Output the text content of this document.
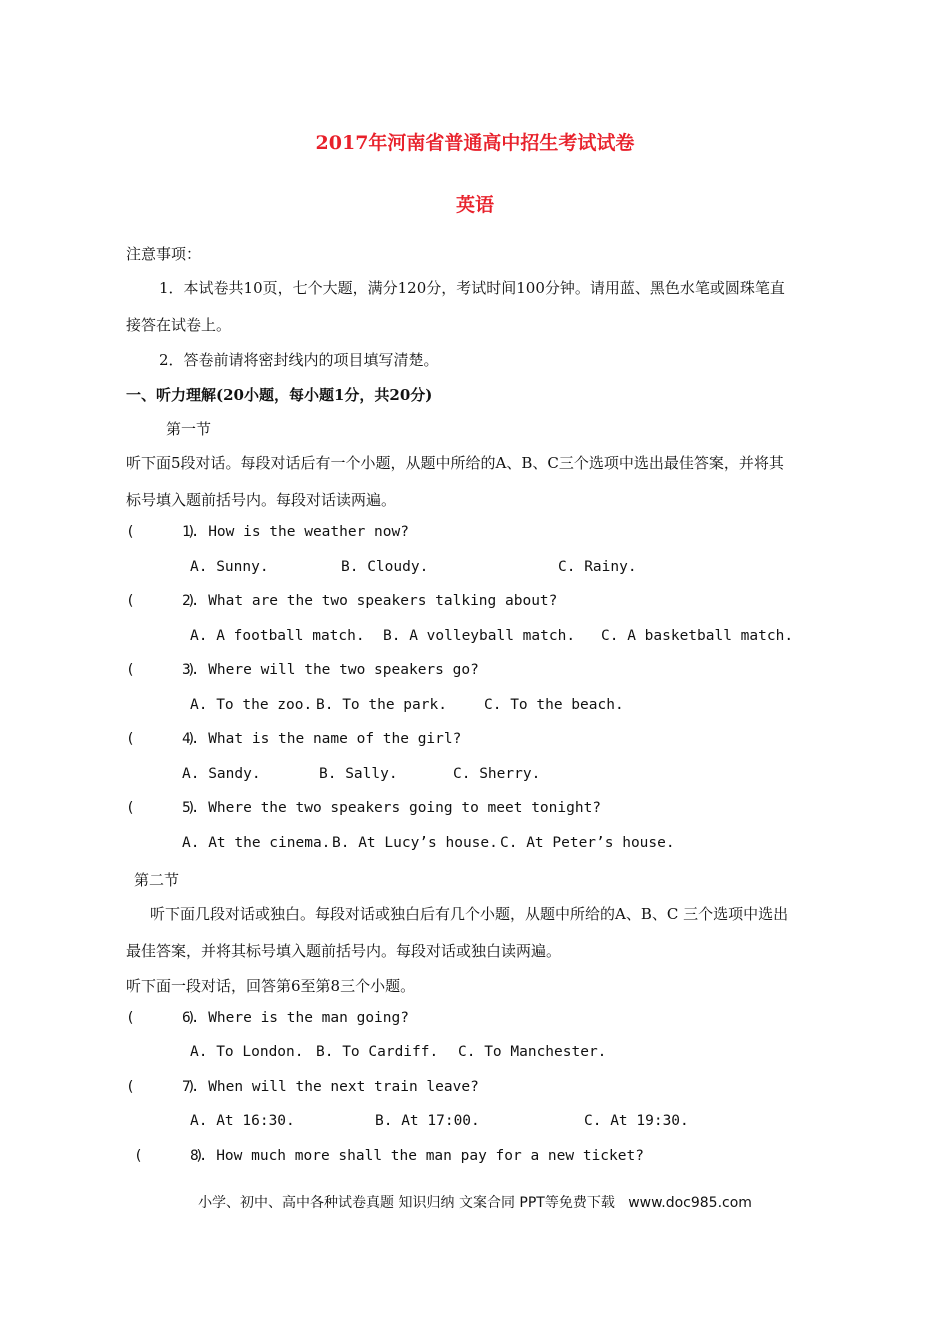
2017年河南省普通高中招生考试试卷
英语
注意事项：
1．本试卷共10页，七个大题，满分120分，考试时间100分钟。请用蓝、黑色水笔或圆珠笔直
接答在试卷上。
2．答卷前请将密封线内的项目填写清楚。
一、听力理解(20小题，每小题1分，共20分)
第一节
听下面5段对话。每段对话后有一个小题，从题中所给的A、B、C三个选项中选出最佳答案，并将其
标号填入题前括号内。每段对话读两遍。
(      )
1. How is the weather now?
A. Sunny.	B. Cloudy.	C. Rainy.
(      )
2. What are the two speakers talking about?
A. A football match. B. A volleyball match. C. A basketball match.
(      )
3. Where will the two speakers go?
A. To the zoo. B. To the park.	C. To the beach.
(      )
4. What is the name of the girl?
A. Sandy.	B. Sally.	C. Sherry.
(      )
5. Where the two speakers going to meet tonight?
A. At the cinema. B. At Lucy’s house. C. At Peter’s house.
第二节
听下面几段对话或独白。每段对话或独白后有几个小题，从题中所给的A、B、C 三个选项中选出
最佳答案，并将其标号填入题前括号内。每段对话或独白读两遍。
听下面一段对话，回答第6至第8三个小题。
(      )
6. Where is the man going?
A. To London. B. To Cardiff. C. To Manchester.
(      )
7. When will the next train leave?
A. At 16:30.	B. At 17:00.	C. At 19:30.
(      )
8. How much more shall the man pay for a new ticket?
小学、初中、高中各种试卷真题 知识归纳 文案合同 PPT等免费下载   www.doc985.com
